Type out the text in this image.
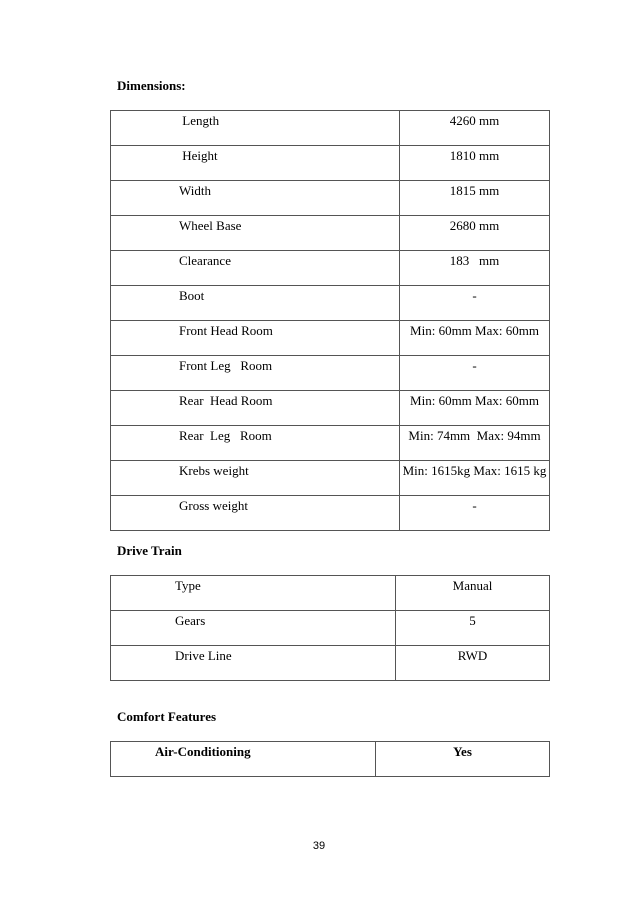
Dimensions:

Length	4260 mm
Height	1810 mm
Width	1815 mm
Wheel Base	2680 mm
Clearance	183   mm
Boot	-
Front Head Room	Min: 60mm Max: 60mm
Front Leg   Room	-
Rear  Head Room	Min: 60mm Max: 60mm
Rear  Leg   Room	Min: 74mm  Max: 94mm
Krebs weight	Min: 1615kg Max: 1615 kg
Gross weight	-

Drive Train

Type	Manual
Gears	5
Drive Line	RWD

Comfort Features

Air-Conditioning	Yes
39
